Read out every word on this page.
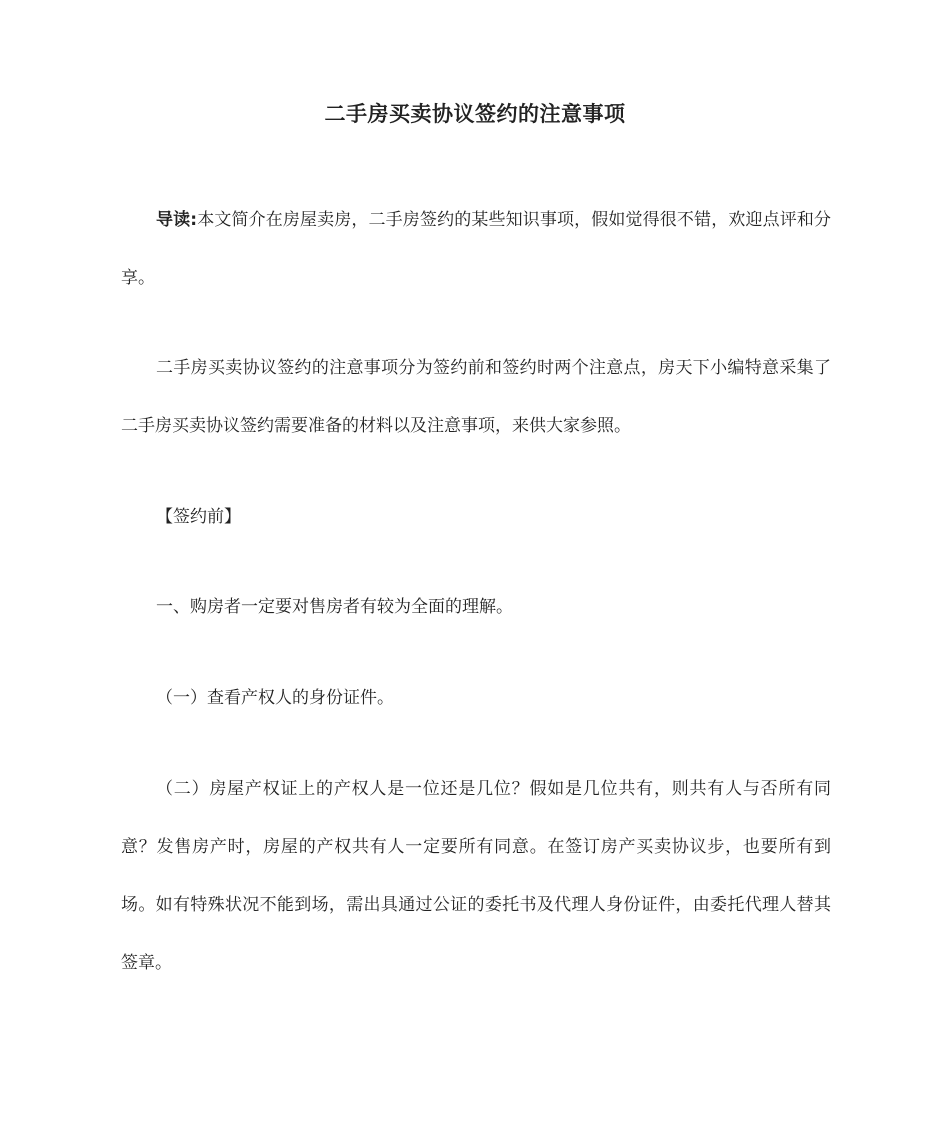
二手房买卖协议签约的注意事项

导读:本文简介在房屋卖房，二手房签约的某些知识事项，假如觉得很不错，欢迎点评和分享。

二手房买卖协议签约的注意事项分为签约前和签约时两个注意点，房天下小编特意采集了二手房买卖协议签约需要准备的材料以及注意事项，来供大家参照。

【签约前】

一、购房者一定要对售房者有较为全面的理解。

（一）查看产权人的身份证件。

（二）房屋产权证上的产权人是一位还是几位？假如是几位共有，则共有人与否所有同意？发售房产时，房屋的产权共有人一定要所有同意。在签订房产买卖协议步，也要所有到场。如有特殊状况不能到场，需出具通过公证的委托书及代理人身份证件，由委托代理人替其签章。
